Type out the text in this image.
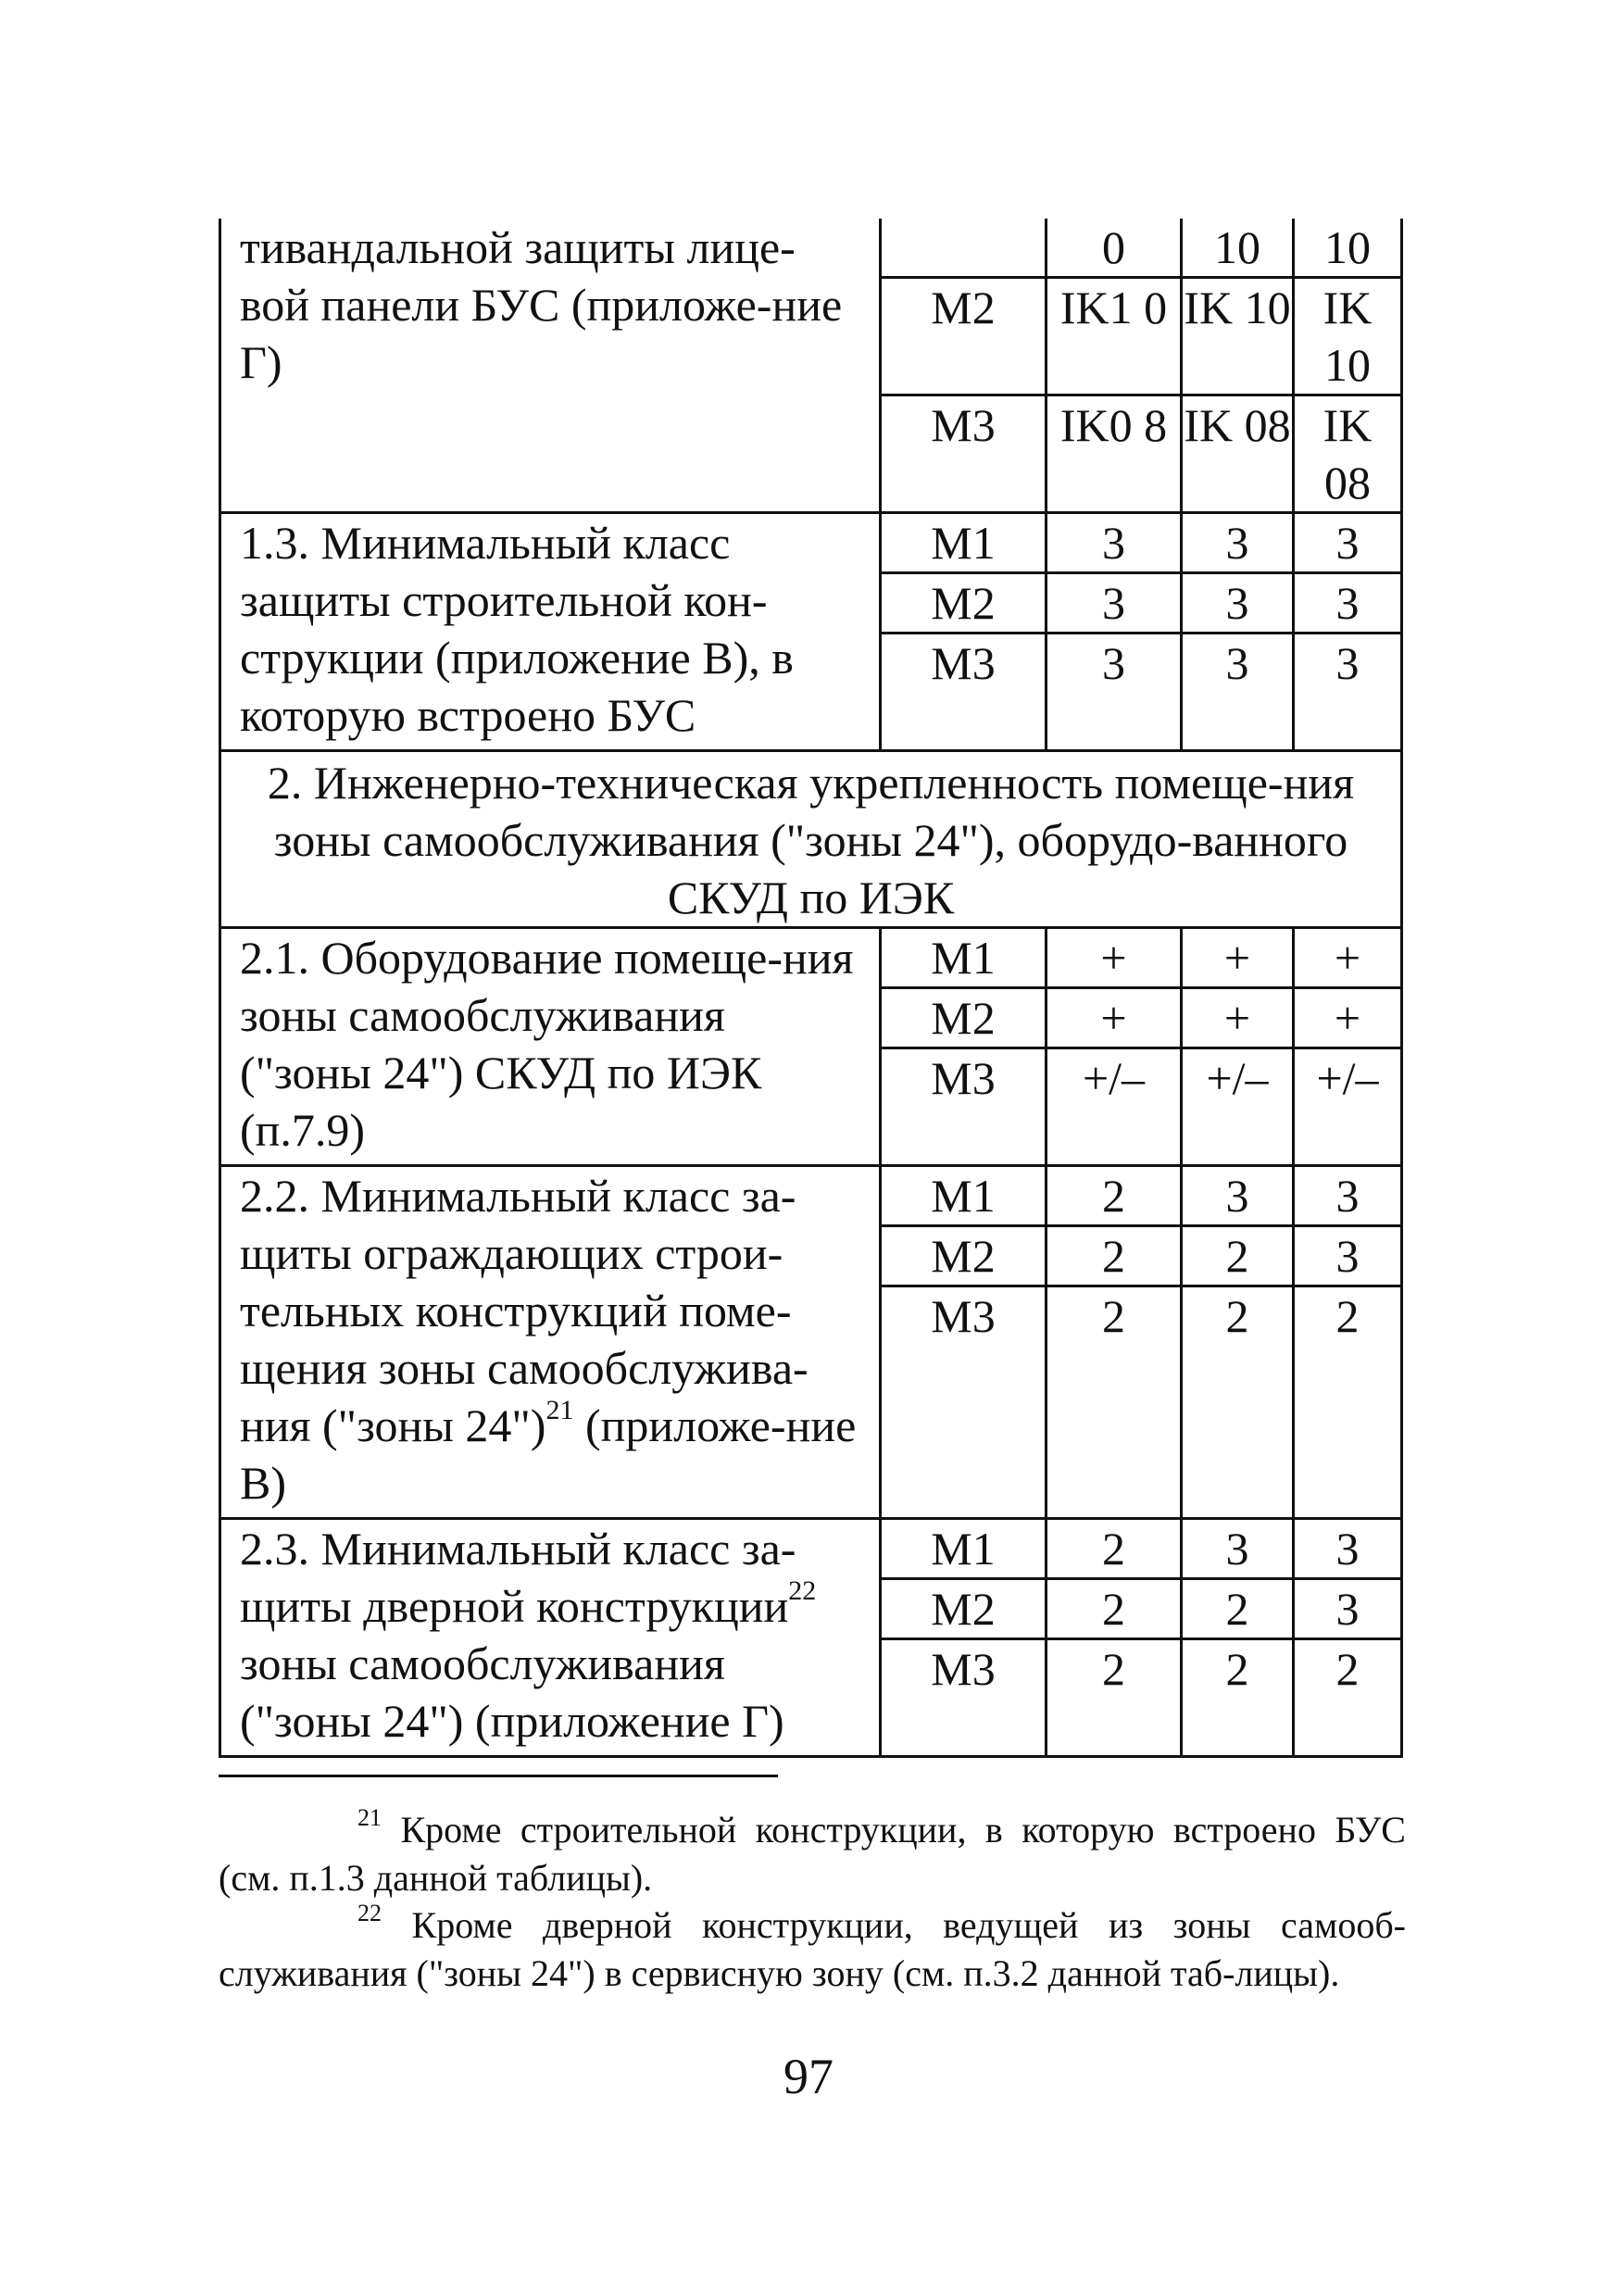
тивандальной защиты лице-вой панели БУС (приложе-ние Г)		0	10	10
	М2	IK1 0	IK 10	IK 10
	М3	IK0 8	IK 08	IK 08
1.3. Минимальный класс защиты строительной кон-струкции (приложение В), в которую встроено БУС	М1	3	3	3
	М2	3	3	3
	М3	3	3	3
2. Инженерно-техническая укрепленность помеще-ния зоны самообслуживания ("зоны 24"), оборудо-ванного СКУД по ИЭК				
2.1. Оборудование помеще-ния зоны самообслуживания ("зоны 24") СКУД по ИЭК (п.7.9)	М1	+	+	+
	М2	+	+	+
	М3	+/–	+/–	+/–
2.2. Минимальный класс за-щиты ограждающих строи-тельных конструкций поме-щения зоны самообслужива-ния ("зоны 24")$^{21}$ (приложе-ние В)	М1	2	3	3
	М2	2	2	3
	М3	2	2	2
2.3. Минимальный класс за-щиты дверной конструкции$^{22}$ зоны самообслуживания ("зоны 24") (приложение Г)	М1	2	3	3
	М2	2	2	3
	М3	2	2	2

$^{21}$ Кроме строительной конструкции, в которую встроено БУС (см. п.1.3 данной таблицы).

$^{22}$ Кроме дверной конструкции, ведущей из зоны самооб-служивания ("зоны 24") в сервисную зону (см. п.3.2 данной таб-лицы).

97
